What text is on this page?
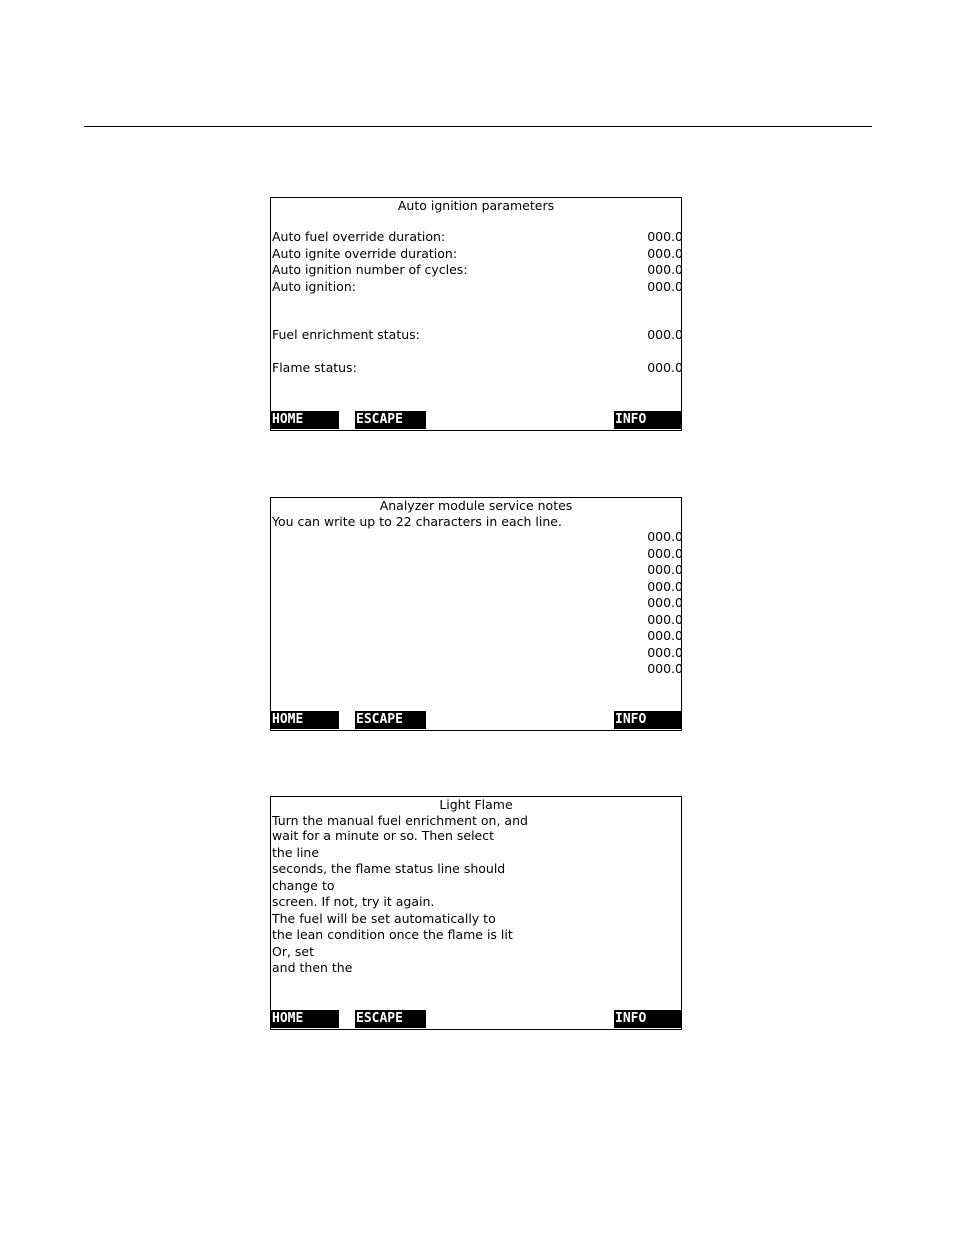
Auto ignition parameters
Auto fuel override duration:	000.0
Auto ignite override duration:	000.0
Auto ignition number of cycles:	000.0
Auto ignition:	000.0
Fuel enrichment status:	000.0
Flame status:	000.0
HOME	ESCAPE	INFO
Analyzer module service notes
You can write up to 22 characters in each line.
000.0
000.0
000.0
000.0
000.0
000.0
000.0
000.0
000.0
HOME	ESCAPE	INFO
Light Flame
Turn the manual fuel enrichment on, and
wait for a minute or so. Then select
the line
seconds, the flame status line should
change to
screen. If not, try it again.
The fuel will be set automatically to
the lean condition once the flame is lit
Or, set
and then the
HOME	ESCAPE	INFO
